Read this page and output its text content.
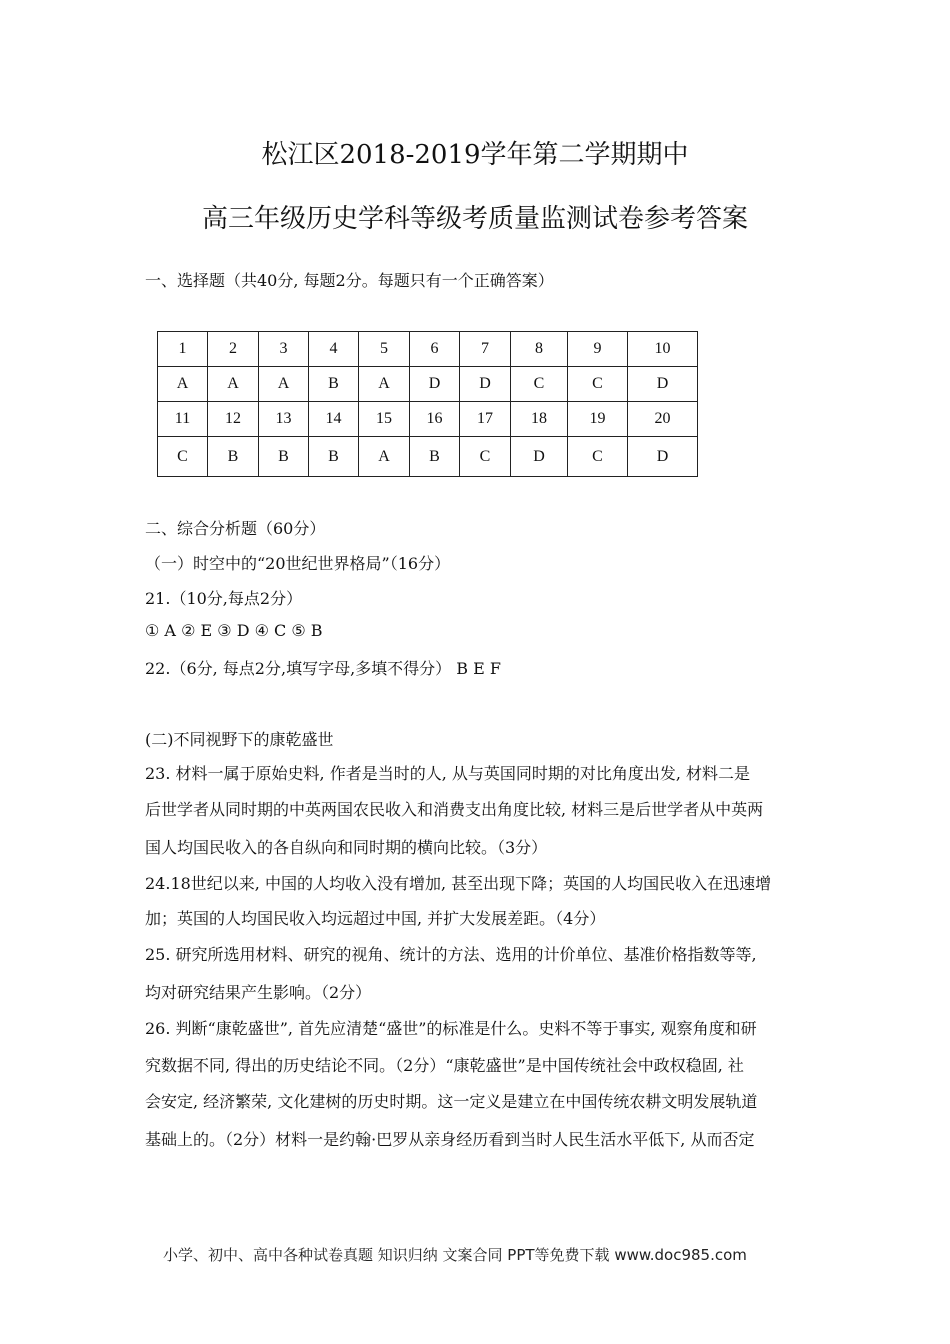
松江区2018-2019学年第二学期期中
高三年级历史学科等级考质量监测试卷参考答案
一、选择题（共40分, 每题2分。每题只有一个正确答案）
1	2	3	4	5	6	7	8	9	10
A	A	A	B	A	D	D	C	C	D
11	12	13	14	15	16	17	18	19	20
C	B	B	B	A	B	C	D	C	D
二、综合分析题（60分）
（一）时空中的“20世纪世界格局”（16分）
21.（10分,每点2分）
① A ② E ③ D ④ C ⑤ B
22.（6分, 每点2分,填写字母,多填不得分） B E F
(二)不同视野下的康乾盛世
23. 材料一属于原始史料, 作者是当时的人, 从与英国同时期的对比角度出发, 材料二是
后世学者从同时期的中英两国农民收入和消费支出角度比较, 材料三是后世学者从中英两
国人均国民收入的各自纵向和同时期的横向比较。（3分）
24.18世纪以来, 中国的人均收入没有增加, 甚至出现下降；英国的人均国民收入在迅速增
加；英国的人均国民收入均远超过中国, 并扩大发展差距。（4分）
25. 研究所选用材料、研究的视角、统计的方法、选用的计价单位、基准价格指数等等,
均对研究结果产生影响。（2分）
26. 判断“康乾盛世”, 首先应清楚“盛世”的标准是什么。史料不等于事实, 观察角度和研
究数据不同, 得出的历史结论不同。（2分）“康乾盛世”是中国传统社会中政权稳固, 社
会安定, 经济繁荣, 文化建树的历史时期。这一定义是建立在中国传统农耕文明发展轨道
基础上的。（2分）材料一是约翰·巴罗从亲身经历看到当时人民生活水平低下, 从而否定
小学、初中、高中各种试卷真题 知识归纳 文案合同 PPT等免费下载 www.doc985.com
